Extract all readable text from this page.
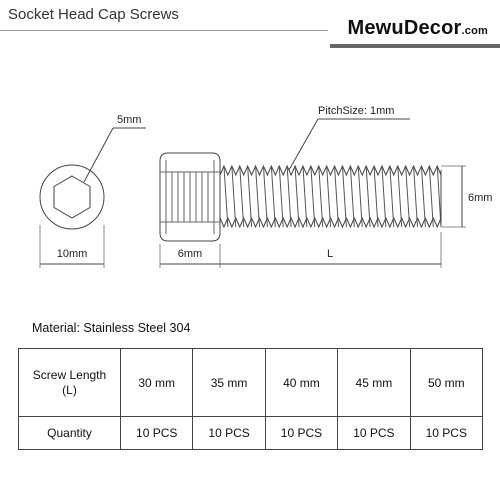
Socket Head Cap Screws
MewuDecor.com
5mm
10mm
PitchSize: 1mm
6mm	L
6mm
Material: Stainless Steel 304
Screw Length
(L)	30 mm	35 mm	40 mm	45 mm	50 mm
Quantity	10 PCS	10 PCS	10 PCS	10 PCS	10 PCS
